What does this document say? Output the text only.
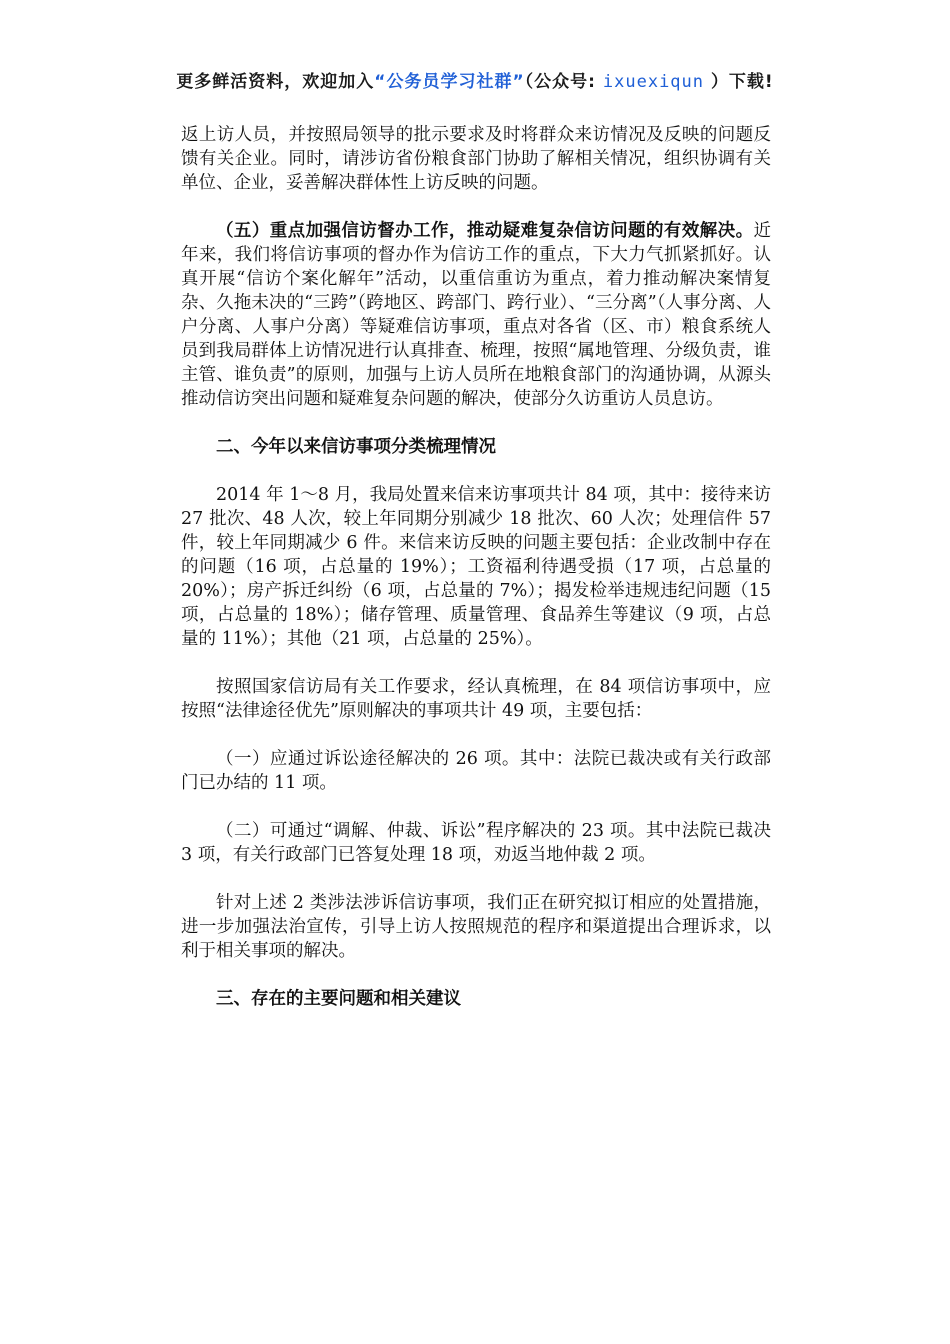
更多鲜活资料，欢迎加入“公务员学习社群”（公众号: ixuexiqun ）下载!

返上访人员，并按照局领导的批示要求及时将群众来访情况及反映的问题反馈有关企业。同时，请涉访省份粮食部门协助了解相关情况，组织协调有关单位、企业，妥善解决群体性上访反映的问题。

（五）重点加强信访督办工作，推动疑难复杂信访问题的有效解决。近年来，我们将信访事项的督办作为信访工作的重点，下大力气抓紧抓好。认真开展“信访个案化解年”活动，以重信重访为重点，着力推动解决案情复杂、久拖未决的“三跨”（跨地区、跨部门、跨行业）、“三分离”（人事分离、人户分离、人事户分离）等疑难信访事项，重点对各省（区、市）粮食系统人员到我局群体上访情况进行认真排查、梳理，按照“属地管理、分级负责，谁主管、谁负责”的原则，加强与上访人员所在地粮食部门的沟通协调，从源头推动信访突出问题和疑难复杂问题的解决，使部分久访重访人员息访。

二、今年以来信访事项分类梳理情况

2014 年 1～8 月，我局处置来信来访事项共计 84 项，其中：接待来访 27 批次、48 人次，较上年同期分别减少 18 批次、60 人次；处理信件 57 件，较上年同期减少 6 件。来信来访反映的问题主要包括：企业改制中存在的问题（16 项，占总量的 19%）；工资福利待遇受损（17 项，占总量的 20%）；房产拆迁纠纷（6 项，占总量的 7%）；揭发检举违规违纪问题（15 项，占总量的 18%）；储存管理、质量管理、食品养生等建议（9 项，占总量的 11%）；其他（21 项，占总量的 25%）。

按照国家信访局有关工作要求，经认真梳理，在 84 项信访事项中，应按照“法律途径优先”原则解决的事项共计 49 项，主要包括：

（一）应通过诉讼途径解决的 26 项。其中：法院已裁决或有关行政部门已办结的 11 项。

（二）可通过“调解、仲裁、诉讼”程序解决的 23 项。其中法院已裁决 3 项，有关行政部门已答复处理 18 项，劝返当地仲裁 2 项。

针对上述 2 类涉法涉诉信访事项，我们正在研究拟订相应的处置措施，进一步加强法治宣传，引导上访人按照规范的程序和渠道提出合理诉求，以利于相关事项的解决。

三、存在的主要问题和相关建议
